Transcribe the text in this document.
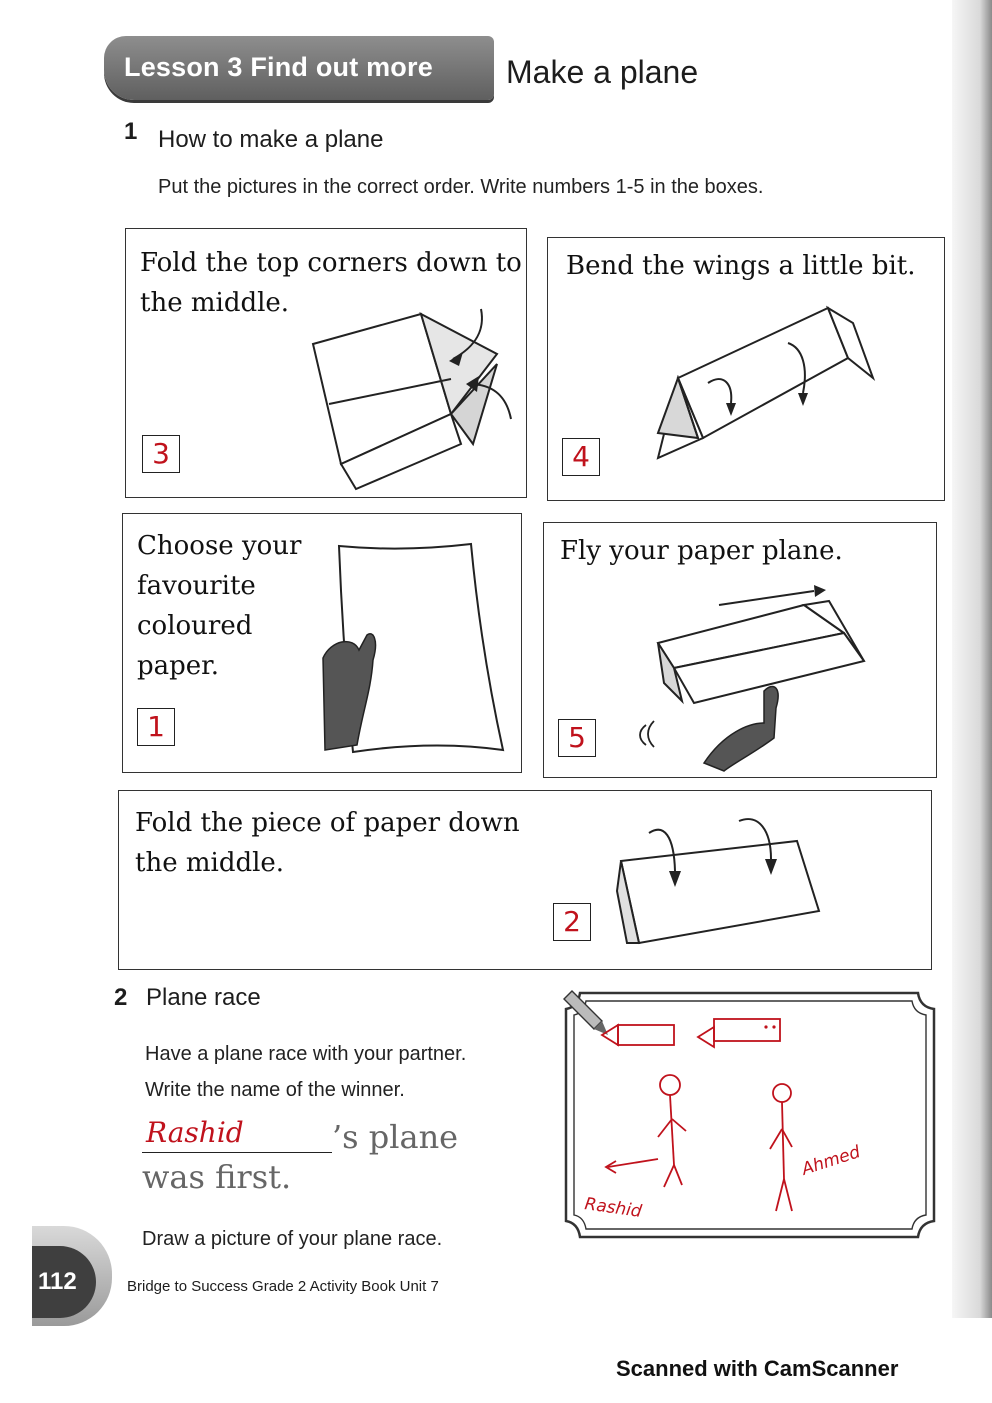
Lesson 3 Find out more Make a plane
1 How to make a plane
Put the pictures in the correct order. Write numbers 1-5 in the boxes.
Fold the top corners down to
the middle.
3
Bend the wings a little bit.
4
Choose your
favourite
coloured
paper.
1
Fly your paper plane.
5
Fold the piece of paper down
the middle.
2
2 Plane race
Have a plane race with your partner.
Write the name of the winner.
Rashid	’s plane
was first.
Draw a picture of your plane race.
Rashid
Ahmed
112	Bridge to Success Grade 2 Activity Book Unit 7
Scanned with CamScanner
